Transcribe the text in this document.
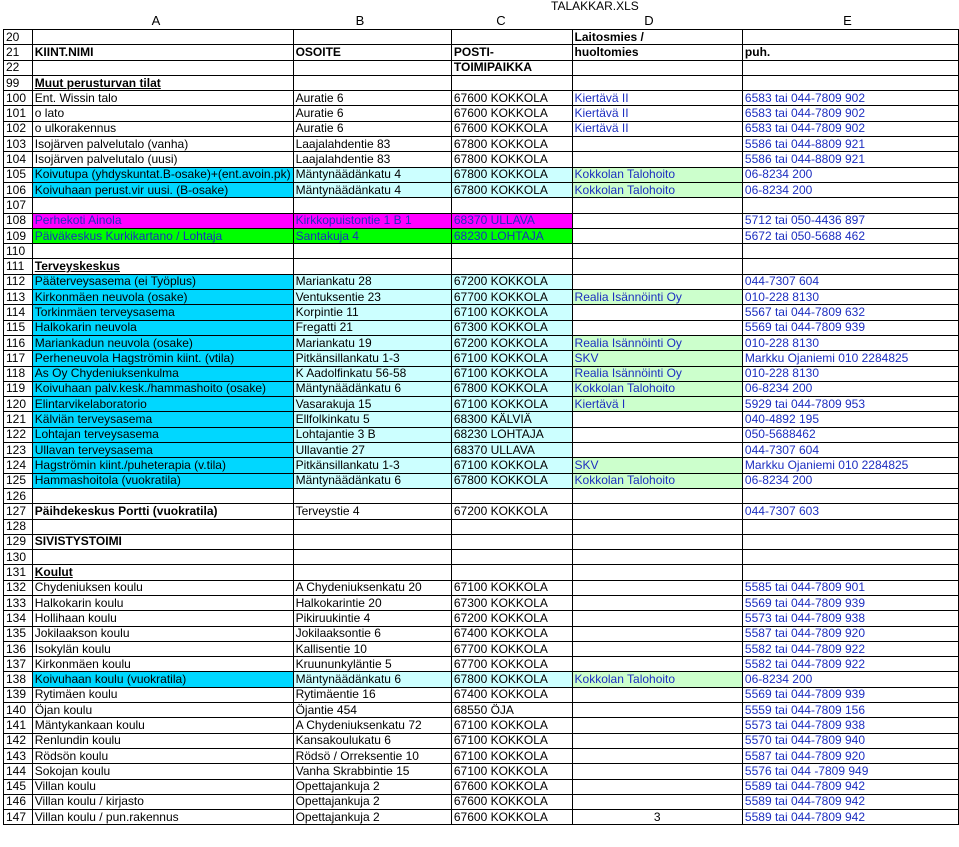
TALAKKAR.XLS
A	B	C	D	E
20				Laitosmies /	
21	KIINT.NIMI	OSOITE	POSTI-	huoltomies	puh.
22			TOIMIPAIKKA		
99	Muut perusturvan tilat				
100	Ent. Wissin talo	Auratie 6	67600 KOKKOLA	Kiertävä II	6583 tai 044-7809 902
101	o lato	Auratie 6	67600 KOKKOLA	Kiertävä II	6583 tai 044-7809 902
102	o ulkorakennus	Auratie 6	67600 KOKKOLA	Kiertävä II	6583 tai 044-7809 902
103	Isojärven palvelutalo (vanha)	Laajalahdentie 83	67800 KOKKOLA		5586 tai 044-8809 921
104	Isojärven palvelutalo (uusi)	Laajalahdentie 83	67800 KOKKOLA		5586 tai 044-8809 921
105	Koivutupa (yhdyskuntat.B-osake)+(ent.avoin.pk)	Mäntynäädänkatu 4	67800 KOKKOLA	Kokkolan Talohoito	06-8234 200
106	Koivuhaan perust.vir uusi. (B-osake)	Mäntynäädänkatu 4	67800 KOKKOLA	Kokkolan Talohoito	06-8234 200
107					
108	Perhekoti Ainola	Kirkkopuistontie 1 B 1	68370 ULLAVA		5712 tai 050-4436 897
109	Päiväkeskus Kurkikartano / Lohtaja	Santakuja 4	68230 LOHTAJA		5672 tai 050-5688 462
110					
111	Terveyskeskus				
112	Pääterveysasema (ei Työplus)	Mariankatu 28	67200 KOKKOLA		044-7307 604
113	Kirkonmäen neuvola (osake)	Ventuksentie 23	67700 KOKKOLA	Realia Isännöinti Oy	010-228 8130
114	Torkinmäen terveysasema	Korpintie 11	67100 KOKKOLA		5567 tai 044-7809 632
115	Halkokarin neuvola	Fregatti 21	67300 KOKKOLA		5569 tai 044-7809 939
116	Mariankadun neuvola (osake)	Mariankatu 19	67200 KOKKOLA	Realia Isännöinti Oy	010-228 8130
117	Perheneuvola Hagströmin kiint. (vtila)	Pitkänsillankatu 1-3	67100 KOKKOLA	SKV	Markku Ojaniemi 010 2284825
118	As Oy Chydeniuksenkulma	K Aadolfinkatu 56-58	67100 KOKKOLA	Realia Isännöinti Oy	010-228 8130
119	Koivuhaan palv.kesk./hammashoito (osake)	Mäntynäädänkatu 6	67800 KOKKOLA	Kokkolan Talohoito	06-8234 200
120	Elintarvikelaboratorio	Vasarakuja 15	67100 KOKKOLA	Kiertävä I	5929 tai 044-7809 953
121	Kälviän terveysasema	Ellfolkinkatu 5	68300 KÄLVIÄ		040-4892 195
122	Lohtajan terveysasema	Lohtajantie 3 B	68230 LOHTAJA		050-5688462
123	Ullavan terveysasema	Ullavantie 27	68370 ULLAVA		044-7307 604
124	Hagströmin kiint./puheterapia (v.tila)	Pitkänsillankatu 1-3	67100 KOKKOLA	SKV	Markku Ojaniemi 010 2284825
125	Hammashoitola (vuokratila)	Mäntynäädänkatu 6	67800 KOKKOLA	Kokkolan Talohoito	06-8234 200
126					
127	Päihdekeskus Portti (vuokratila)	Terveystie 4	67200 KOKKOLA		044-7307 603
128					
129	SIVISTYSTOIMI				
130					
131	Koulut				
132	Chydeniuksen koulu	A Chydeniuksenkatu 20	67100 KOKKOLA		5585 tai 044-7809 901
133	Halkokarin koulu	Halkokarintie 20	67300 KOKKOLA		5569 tai 044-7809 939
134	Hollihaan koulu	Pikiruukintie 4	67200 KOKKOLA		5573 tai 044-7809 938
135	Jokilaakson koulu	Jokilaaksontie 6	67400 KOKKOLA		5587 tai 044-7809 920
136	Isokylän koulu	Kallisentie 10	67700 KOKKOLA		5582 tai 044-7809 922
137	Kirkonmäen koulu	Kruununkyläntie 5	67700 KOKKOLA		5582 tai 044-7809 922
138	Koivuhaan koulu (vuokratila)	Mäntynäädänkatu 6	67800 KOKKOLA	Kokkolan Talohoito	06-8234 200
139	Rytimäen koulu	Rytimäentie 16	67400 KOKKOLA		5569 tai 044-7809 939
140	Öjan koulu	Öjantie 454	68550 ÖJA		5559 tai 044-7809 156
141	Mäntykankaan koulu	A Chydeniuksenkatu 72	67100 KOKKOLA		5573 tai 044-7809 938
142	Renlundin koulu	Kansakoulukatu 6	67100 KOKKOLA		5570 tai 044-7809 940
143	Rödsön koulu	Rödsö / Orreksentie 10	67100 KOKKOLA		5587 tai 044-7809 920
144	Sokojan koulu	Vanha Skrabbintie 15	67100 KOKKOLA		5576 tai 044 -7809 949
145	Villan koulu	Opettajankuja 2	67600 KOKKOLA		5589 tai 044-7809 942
146	Villan koulu / kirjasto	Opettajankuja 2	67600 KOKKOLA		5589 tai 044-7809 942
147	Villan koulu / pun.rakennus	Opettajankuja 2	67600 KOKKOLA	3	5589 tai 044-7809 942
